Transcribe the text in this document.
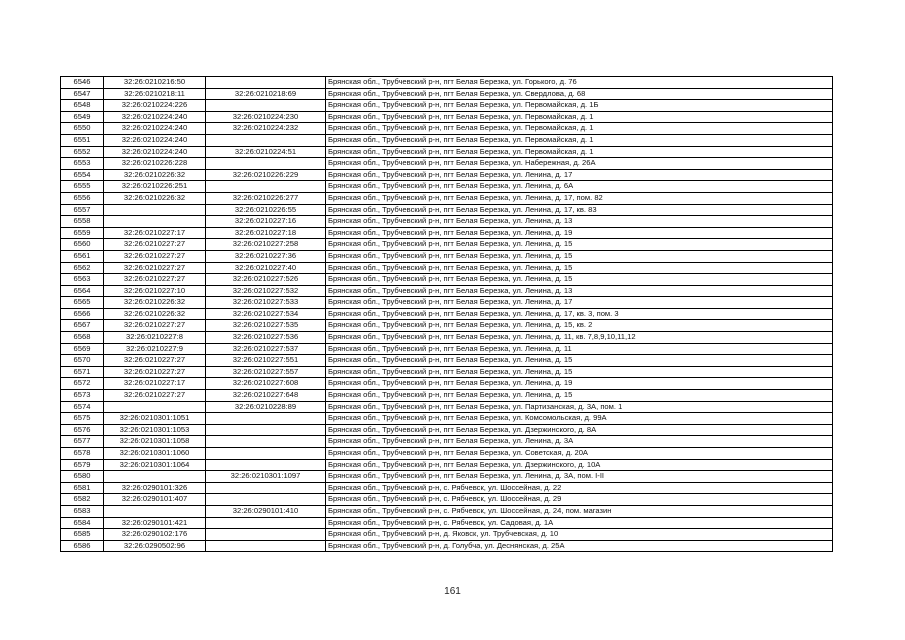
6546	32:26:0210216:50		Брянская обл., Трубчевский р-н, пгт Белая Березка, ул. Горького, д. 76
6547	32:26:0210218:11	32:26:0210218:69	Брянская обл., Трубчевский р-н, пгт Белая Березка, ул. Свердлова, д. 68
6548	32:26:0210224:226		Брянская обл., Трубчевский р-н, пгт Белая Березка, ул. Первомайская, д. 1Б
6549	32:26:0210224:240	32:26:0210224:230	Брянская обл., Трубчевский р-н, пгт Белая Березка, ул. Первомайская, д. 1
6550	32:26:0210224:240	32:26:0210224:232	Брянская обл., Трубчевский р-н, пгт Белая Березка, ул. Первомайская, д. 1
6551	32:26:0210224:240		Брянская обл., Трубчевский р-н, пгт Белая Березка, ул. Первомайская, д. 1
6552	32:26:0210224:240	32:26:0210224:51	Брянская обл., Трубчевский р-н, пгт Белая Березка, ул. Первомайская, д. 1
6553	32:26:0210226:228		Брянская обл., Трубчевский р-н, пгт Белая Березка, ул. Набережная, д. 26А
6554	32:26:0210226:32	32:26:0210226:229	Брянская обл., Трубчевский р-н, пгт Белая Березка, ул. Ленина, д. 17
6555	32:26:0210226:251		Брянская обл., Трубчевский р-н, пгт Белая Березка, ул. Ленина, д. 6А
6556	32:26:0210226:32	32:26:0210226:277	Брянская обл., Трубчевский р-н, пгт Белая Березка, ул. Ленина, д. 17, пом. 82
6557		32:26:0210226:55	Брянская обл., Трубчевский р-н, пгт Белая Березка, ул. Ленина, д. 17, кв. 83
6558		32:26:0210227:16	Брянская обл., Трубчевский р-н, пгт Белая Березка, ул. Ленина, д. 13
6559	32:26:0210227:17	32:26:0210227:18	Брянская обл., Трубчевский р-н, пгт Белая Березка, ул. Ленина, д. 19
6560	32:26:0210227:27	32:26:0210227:258	Брянская обл., Трубчевский р-н, пгт Белая Березка, ул. Ленина, д. 15
6561	32:26:0210227:27	32:26:0210227:36	Брянская обл., Трубчевский р-н, пгт Белая Березка, ул. Ленина, д. 15
6562	32:26:0210227:27	32:26:0210227:40	Брянская обл., Трубчевский р-н, пгт Белая Березка, ул. Ленина, д. 15
6563	32:26:0210227:27	32:26:0210227:526	Брянская обл., Трубчевский р-н, пгт Белая Березка, ул. Ленина, д. 15
6564	32:26:0210227:10	32:26:0210227:532	Брянская обл., Трубчевский р-н, пгт Белая Березка, ул. Ленина, д. 13
6565	32:26:0210226:32	32:26:0210227:533	Брянская обл., Трубчевский р-н, пгт Белая Березка, ул. Ленина, д. 17
6566	32:26:0210226:32	32:26:0210227:534	Брянская обл., Трубчевский р-н, пгт Белая Березка, ул. Ленина, д. 17, кв. 3, пом. 3
6567	32:26:0210227:27	32:26:0210227:535	Брянская обл., Трубчевский р-н, пгт Белая Березка, ул. Ленина, д. 15, кв. 2
6568	32:26:0210227:8	32:26:0210227:536	Брянская обл., Трубчевский р-н, пгт Белая Березка, ул. Ленина, д. 11, кв. 7,8,9,10,11,12
6569	32:26:0210227:9	32:26:0210227:537	Брянская обл., Трубчевский р-н, пгт Белая Березка, ул. Ленина, д. 11
6570	32:26:0210227:27	32:26:0210227:551	Брянская обл., Трубчевский р-н, пгт Белая Березка, ул. Ленина, д. 15
6571	32:26:0210227:27	32:26:0210227:557	Брянская обл., Трубчевский р-н, пгт Белая Березка, ул. Ленина, д. 15
6572	32:26:0210227:17	32:26:0210227:608	Брянская обл., Трубчевский р-н, пгт Белая Березка, ул. Ленина, д. 19
6573	32:26:0210227:27	32:26:0210227:648	Брянская обл., Трубчевский р-н, пгт Белая Березка, ул. Ленина, д. 15
6574		32:26:0210228:89	Брянская обл., Трубчевский р-н, пгт Белая Березка, ул. Партизанская, д. 3А, пом. 1
6575	32:26:0210301:1051		Брянская обл., Трубчевский р-н, пгт Белая Березка, ул. Комсомольская, д. 99А
6576	32:26:0210301:1053		Брянская обл., Трубчевский р-н, пгт Белая Березка, ул. Дзержинского, д. 8А
6577	32:26:0210301:1058		Брянская обл., Трубчевский р-н, пгт Белая Березка, ул. Ленина, д. 3А
6578	32:26:0210301:1060		Брянская обл., Трубчевский р-н, пгт Белая Березка, ул. Советская, д. 20А
6579	32:26:0210301:1064		Брянская обл., Трубчевский р-н, пгт Белая Березка, ул. Дзержинского, д. 10А
6580		32:26:0210301:1097	Брянская обл., Трубчевский р-н, пгт Белая Березка, ул. Ленина, д. 3А, пом. I-II
6581	32:26:0290101:326		Брянская обл., Трубчевский р-н, с. Рябчевск, ул. Шоссейная, д. 22
6582	32:26:0290101:407		Брянская обл., Трубчевский р-н, с. Рябчевск, ул. Шоссейная, д. 29
6583		32:26:0290101:410	Брянская обл., Трубчевский р-н, с. Рябчевск, ул. Шоссейная, д. 24, пом. магазин
6584	32:26:0290101:421		Брянская обл., Трубчевский р-н, с. Рябчевск, ул. Садовая, д. 1А
6585	32:26:0290102:176		Брянская обл., Трубчевский р-н, д. Яковск, ул. Трубчевская, д. 10
6586	32:26:0290502:96		Брянская обл., Трубчевский р-н, д. Голубча, ул. Деснянская, д. 25А
161
